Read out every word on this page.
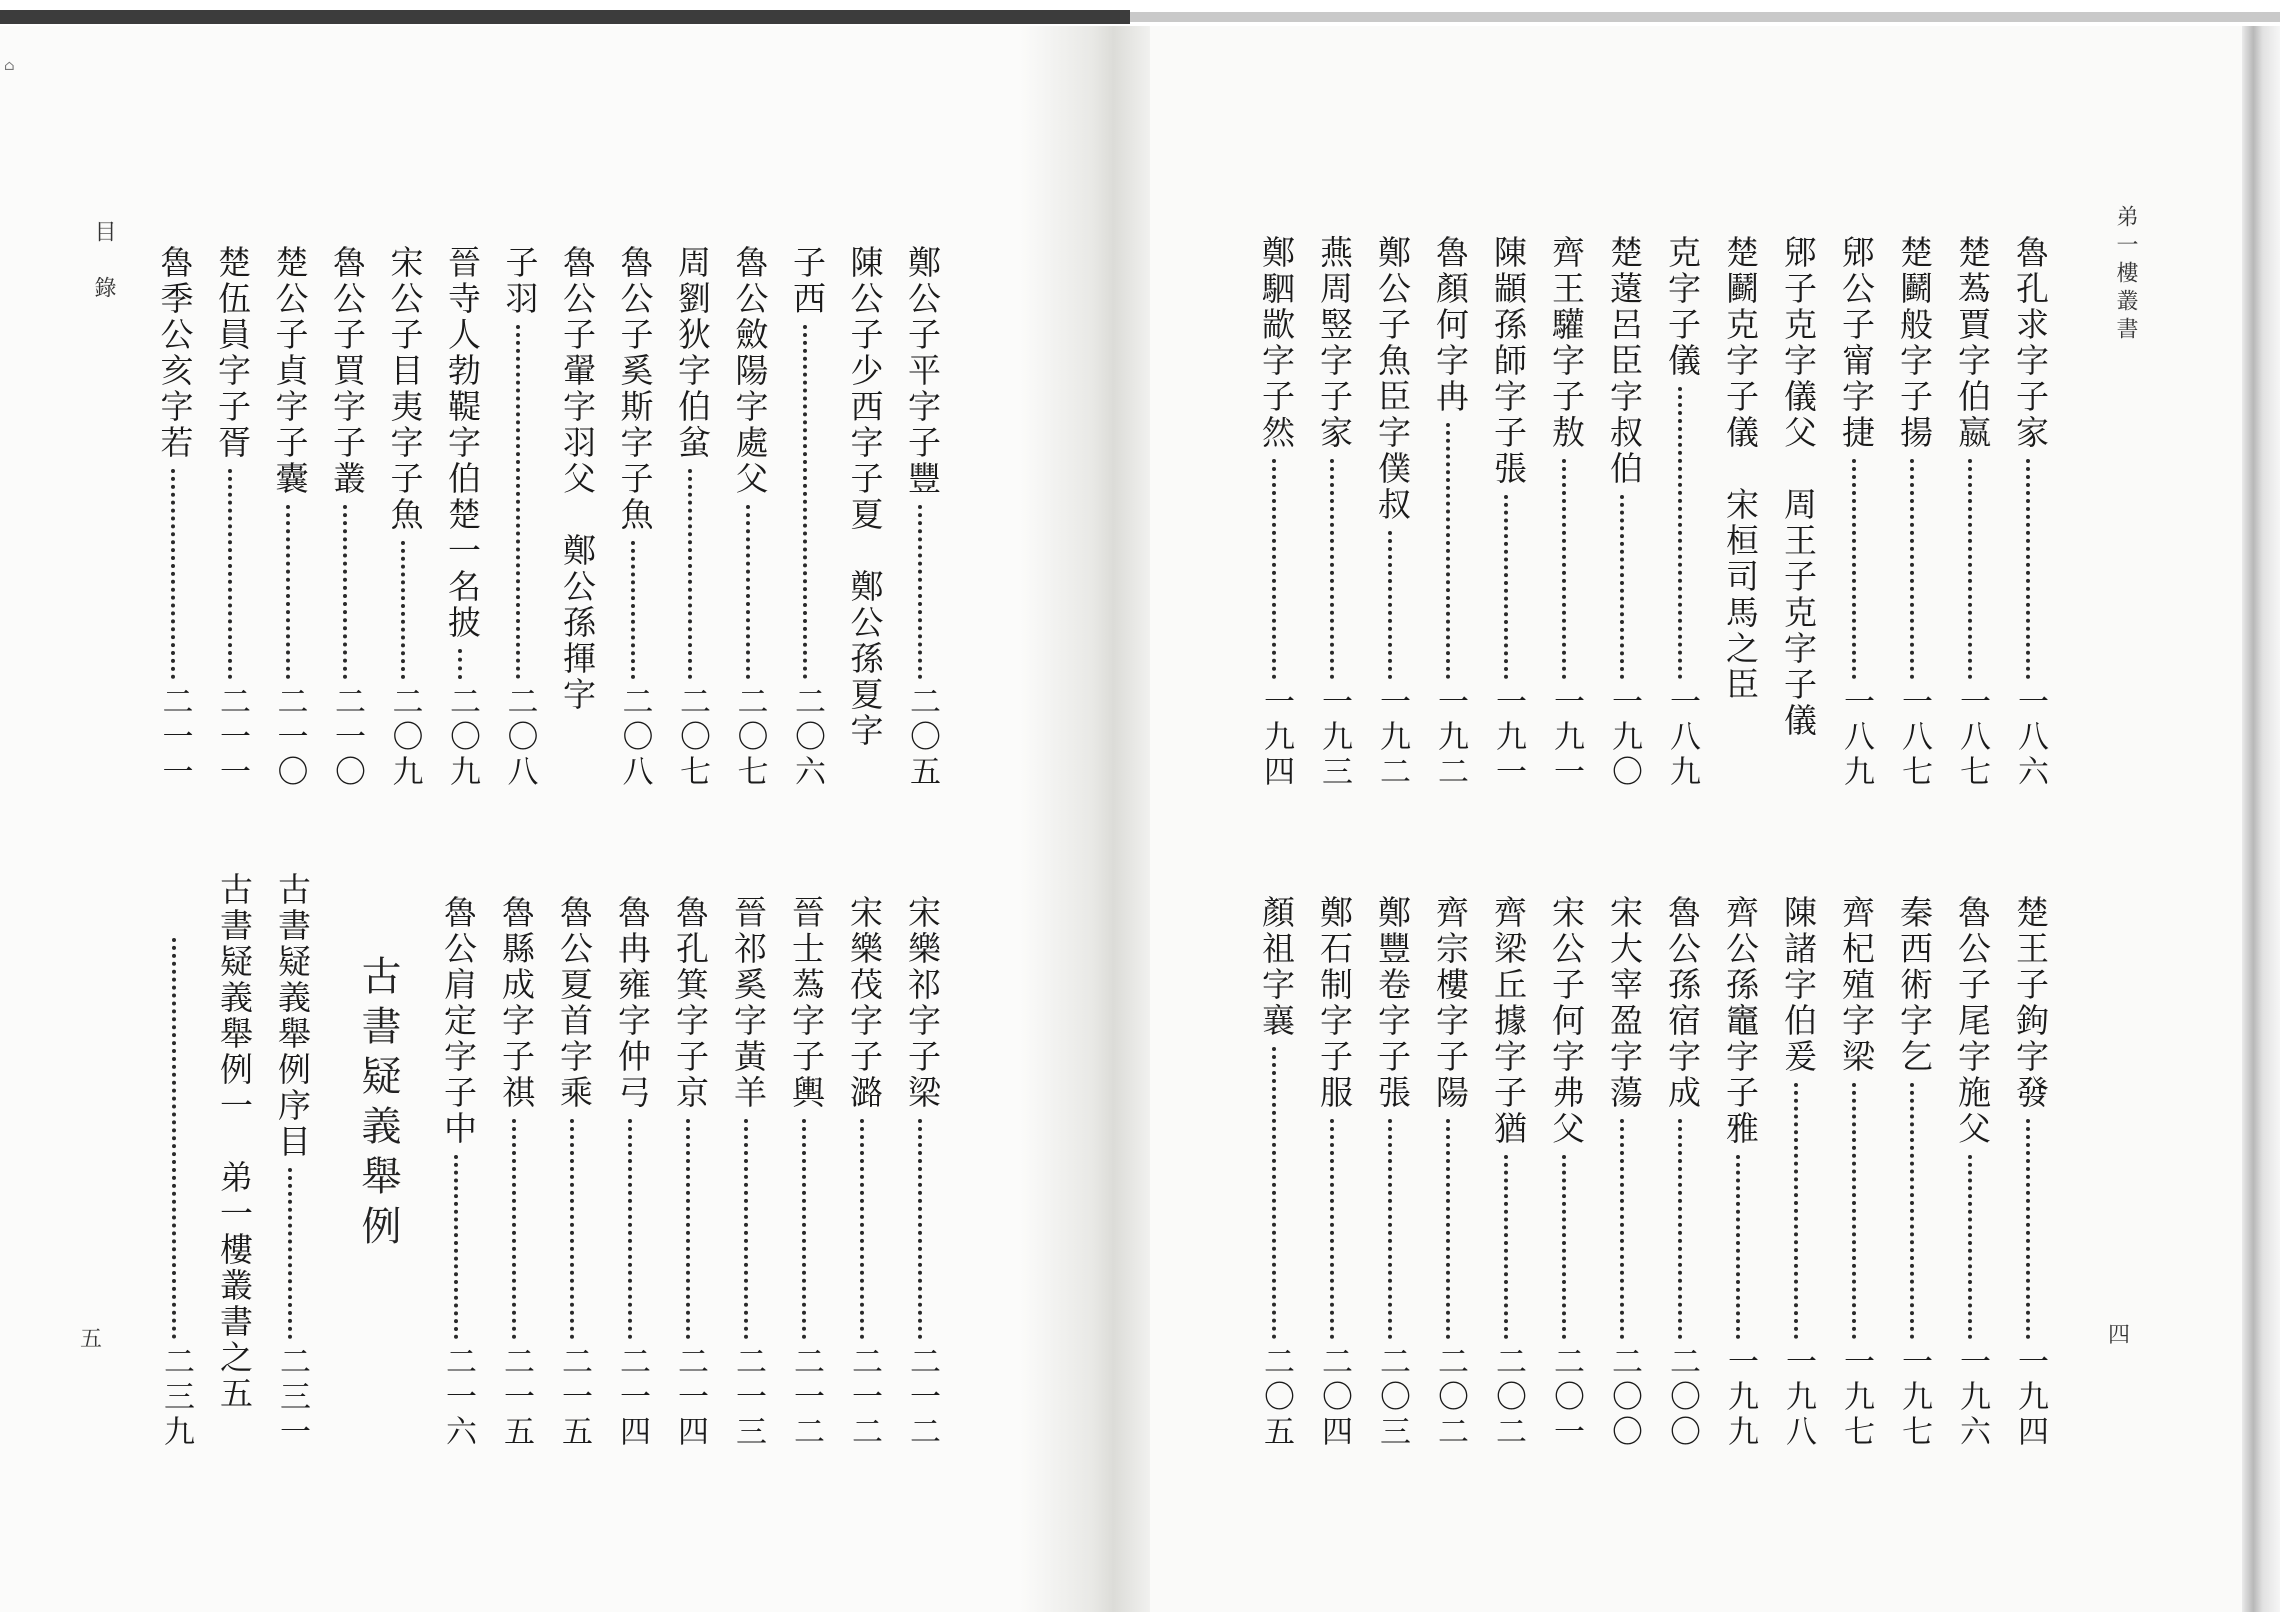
⌂
弟一樓叢書
四
目　錄
五
古書疑義舉例
魯孔求字子家
一八六
楚蒍賈字伯嬴
一八七
楚鬬般字子揚
一八七
郳公子甯字捷
一八九
郳子克字儀父　周王子克字子儀
楚鬬克字子儀　宋桓司馬之臣
克字子儀
一八九
楚薳呂臣字叔伯
一九〇
齊王驩字子敖
一九一
陳顓孫師字子張
一九一
魯顏何字冉
一九二
鄭公子魚臣字僕叔
一九二
燕周竪字子家
一九三
鄭駟歂字子然
一九四
楚王子鉤字發
一九四
魯公子尾字施父
一九六
秦西術字乞
一九七
齊杞殖字梁
一九七
陳諸字伯爰
一九八
齊公孫竈字子雅
一九九
魯公孫宿字成
二〇〇
宋大宰盈字蕩
二〇〇
宋公子何字弗父
二〇一
齊梁丘據字子猶
二〇二
齊宗樓字子陽
二〇二
鄭豐卷字子張
二〇三
鄭石制字子服
二〇四
顏祖字襄
二〇五
鄭公子平字子豐
二〇五
陳公子少西字子夏　鄭公孫夏字
子西
二〇六
魯公斂陽字處父
二〇七
周劉狄字伯蚠
二〇七
魯公子奚斯字子魚
二〇八
魯公子翬字羽父　鄭公孫揮字
子羽
二〇八
晉寺人勃鞮字伯楚一名披
二〇九
宋公子目夷字子魚
二〇九
魯公子買字子叢
二一〇
楚公子貞字子囊
二一〇
楚伍員字子胥
二一一
魯季公亥字若
二一一
宋樂祁字子梁
二一二
宋樂茷字子潞
二一二
晉士蒍字子輿
二一二
晉祁奚字黃羊
二一三
魯孔箕字子京
二一四
魯冉雍字仲弓
二一四
魯公夏首字乘
二一五
魯縣成字子祺
二一五
魯公肩定字子中
二一六
古書疑義舉例序目
二三一
古書疑義舉例一　弟一樓叢書之五
二三九
